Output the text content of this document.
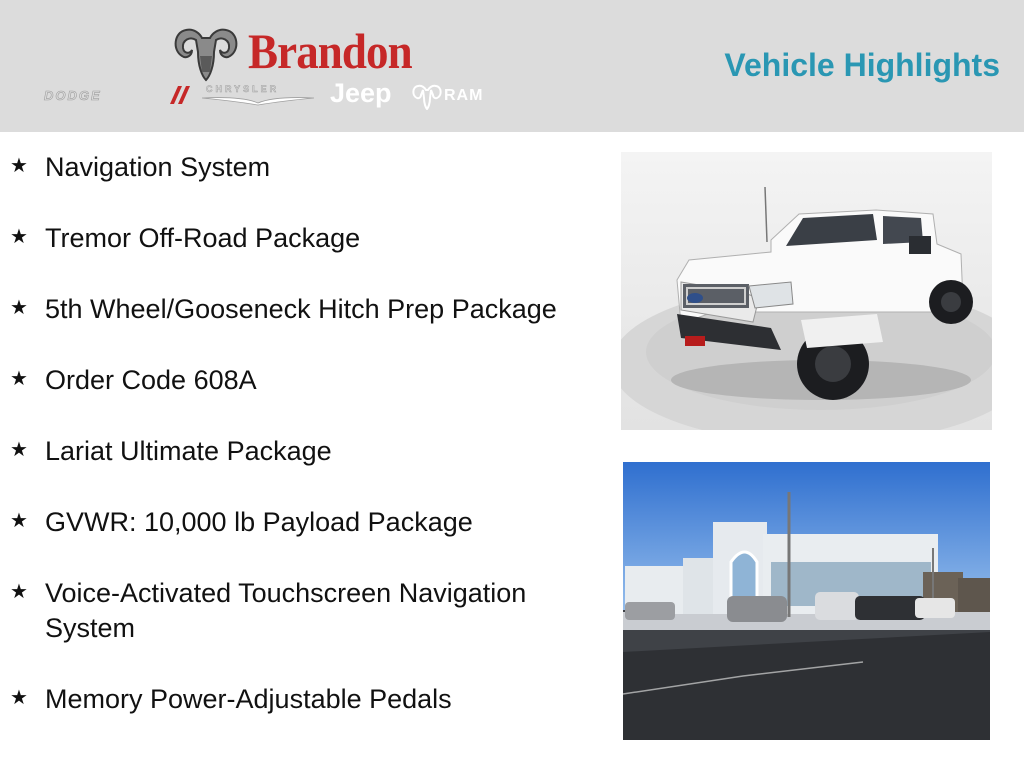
Brandon
DODGE	CHRYSLER Jeep	RAM
Vehicle Highlights
★ Navigation System
★ Tremor Off-Road Package
★ 5th Wheel/Gooseneck Hitch Prep Package
★ Order Code 608A
★ Lariat Ultimate Package
★ GVWR: 10,000 lb Payload Package
★ Voice-Activated Touchscreen Navigation System
★ Memory Power-Adjustable Pedals
